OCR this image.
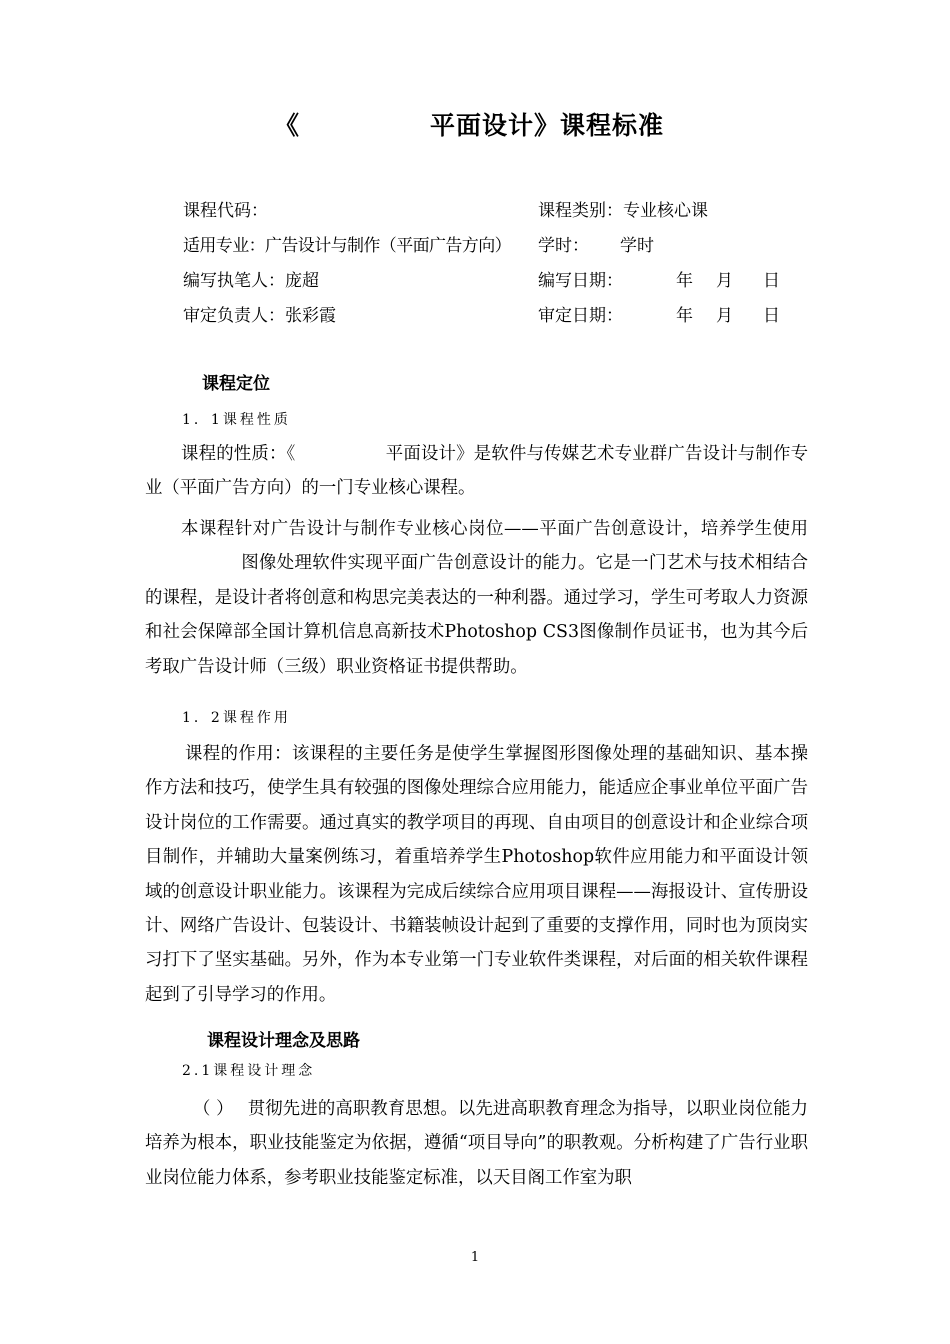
《	平面设计》课程标准
课程代码：	课程类别：专业核心课
适用专业：广告设计与制作（平面广告方向） 学时： 学时
编写执笔人：庞超	编写日期：	年 月 日
审定负责人：张彩霞	审定日期：	年 月 日
课程定位
1．1课程性质

课程的性质：《	平面设计》是软件与传媒艺术专业群广告设计与制作专业（平面广告方向）的一门专业核心课程。

本课程针对广告设计与制作专业核心岗位——平面广告创意设计，培养学生使用图像处理软件实现平面广告创意设计的能力。它是一门艺术与技术相结合的课程，是设计者将创意和构思完美表达的一种利器。通过学习，学生可考取人力资源和社会保障部全国计算机信息高新技术Photoshop CS3图像制作员证书，也为其今后考取广告设计师（三级）职业资格证书提供帮助。

1．2课程作用

课程的作用：该课程的主要任务是使学生掌握图形图像处理的基础知识、基本操作方法和技巧，使学生具有较强的图像处理综合应用能力，能适应企事业单位平面广告设计岗位的工作需要。通过真实的教学项目的再现、自由项目的创意设计和企业综合项目制作，并辅助大量案例练习，着重培养学生Photoshop软件应用能力和平面设计领域的创意设计职业能力。该课程为完成后续综合应用项目课程——海报设计、宣传册设计、网络广告设计、包装设计、书籍装帧设计起到了重要的支撑作用，同时也为顶岗实习打下了坚实基础。另外，作为本专业第一门专业软件类课程，对后面的相关软件课程起到了引导学习的作用。

课程设计理念及思路
2.1课程设计理念

（ ） 贯彻先进的高职教育思想。以先进高职教育理念为指导，以职业岗位能力培养为根本，职业技能鉴定为依据，遵循“项目导向”的职教观。分析构建了广告行业职业岗位能力体系，参考职业技能鉴定标准，以天目阁工作室为职

1
